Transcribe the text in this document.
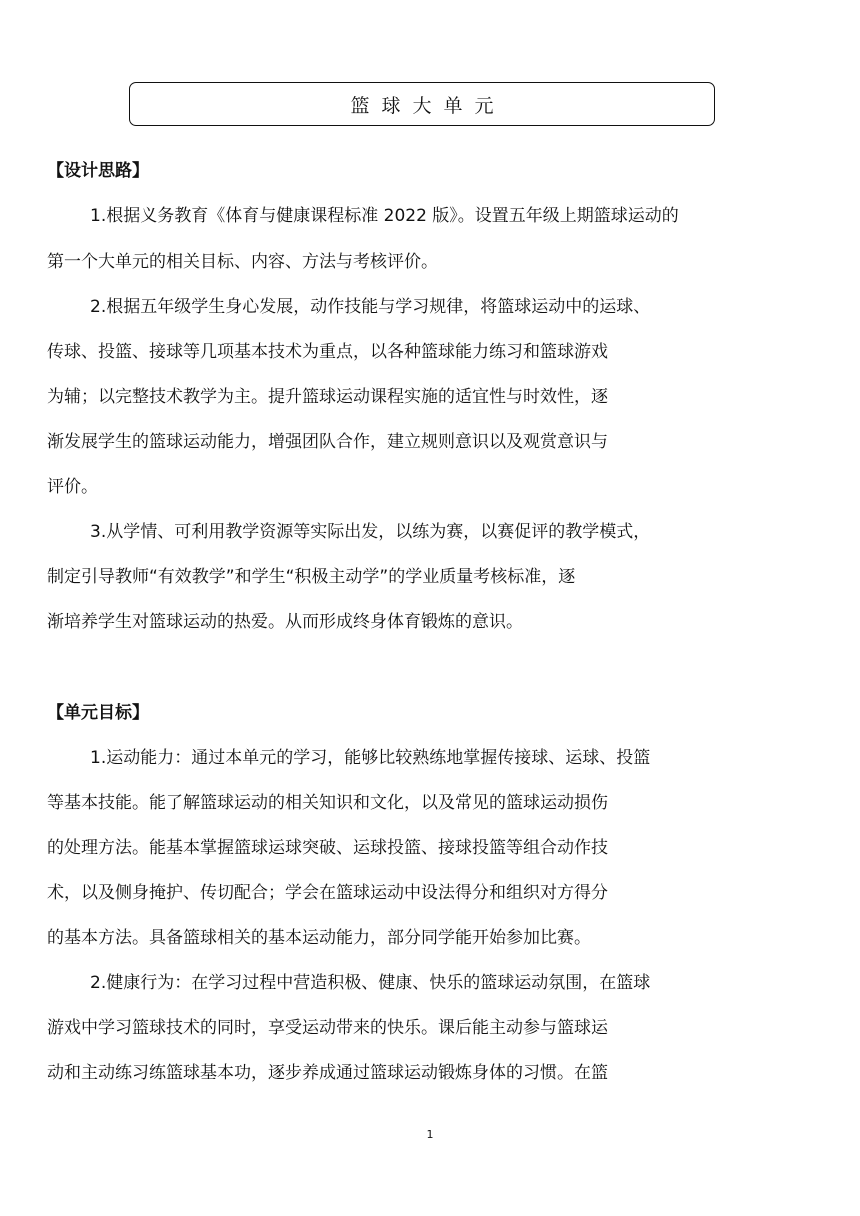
篮球大单元

【设计思路】

1.根据义务教育《体育与健康课程标准 2022 版》。设置五年级上期篮球运动的

第一个大单元的相关目标、内容、方法与考核评价。

2.根据五年级学生身心发展，动作技能与学习规律，将篮球运动中的运球、

传球、投篮、接球等几项基本技术为重点，以各种篮球能力练习和篮球游戏

为辅；以完整技术教学为主。提升篮球运动课程实施的适宜性与时效性，逐

渐发展学生的篮球运动能力，增强团队合作，建立规则意识以及观赏意识与

评价。

3.从学情、可利用教学资源等实际出发，以练为赛，以赛促评的教学模式，

制定引导教师“有效教学”和学生“积极主动学”的学业质量考核标准，逐

渐培养学生对篮球运动的热爱。从而形成终身体育锻炼的意识。

【单元目标】

1.运动能力：通过本单元的学习，能够比较熟练地掌握传接球、运球、投篮

等基本技能。能了解篮球运动的相关知识和文化，以及常见的篮球运动损伤

的处理方法。能基本掌握篮球运球突破、运球投篮、接球投篮等组合动作技

术，以及侧身掩护、传切配合；学会在篮球运动中设法得分和组织对方得分

的基本方法。具备篮球相关的基本运动能力，部分同学能开始参加比赛。

2.健康行为：在学习过程中营造积极、健康、快乐的篮球运动氛围，在篮球

游戏中学习篮球技术的同时，享受运动带来的快乐。课后能主动参与篮球运

动和主动练习练篮球基本功，逐步养成通过篮球运动锻炼身体的习惯。在篮

1
